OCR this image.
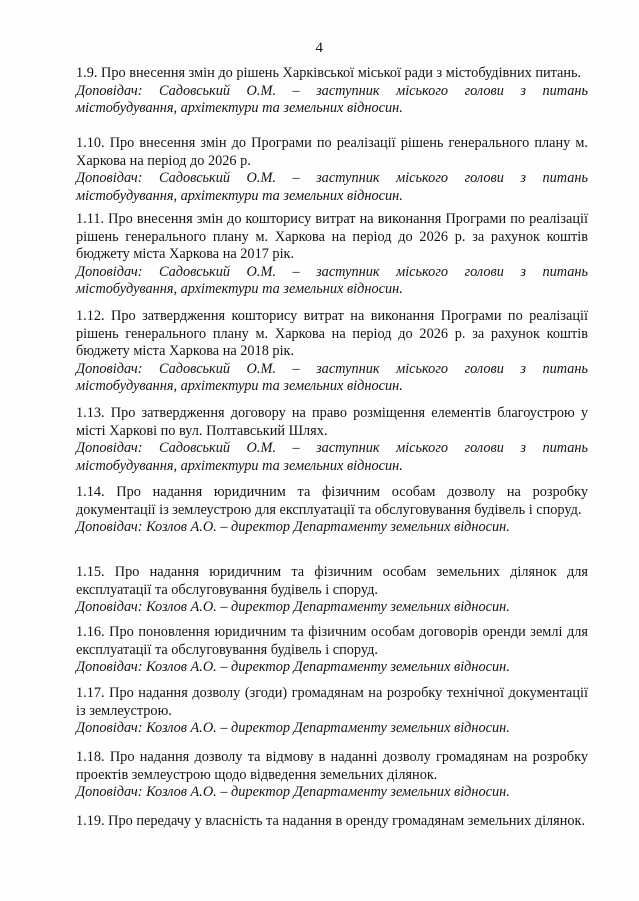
4

1.9. Про внесення змін до рішень Харківської міської ради з містобудівних питань.

Доповідач: Садовський О.М. – заступник міського голови з питань містобудування, архітектури та земельних відносин.

1.10. Про внесення змін до Програми по реалізації рішень генерального плану м. Харкова на період до 2026 р.

Доповідач: Садовський О.М. – заступник міського голови з питань містобудування, архітектури та земельних відносин.

1.11. Про внесення змін до кошторису витрат на виконання Програми по реалізації рішень генерального плану м. Харкова на період до 2026 р. за рахунок коштів бюджету міста Харкова на 2017 рік.

Доповідач: Садовський О.М. – заступник міського голови з питань містобудування, архітектури та земельних відносин.

1.12. Про затвердження кошторису витрат на виконання Програми по реалізації рішень генерального плану м. Харкова на період до 2026 р. за рахунок коштів бюджету міста Харкова на 2018 рік.

Доповідач: Садовський О.М. – заступник міського голови з питань містобудування, архітектури та земельних відносин.

1.13. Про затвердження договору на право розміщення елементів благоустрою у місті Харкові по вул. Полтавський Шлях.

Доповідач: Садовський О.М. – заступник міського голови з питань містобудування, архітектури та земельних відносин.

1.14. Про надання юридичним та фізичним особам дозволу на розробку документації із землеустрою для експлуатації та обслуговування будівель і споруд.

Доповідач: Козлов А.О. – директор Департаменту земельних відносин.

1.15. Про надання юридичним та фізичним особам земельних ділянок для експлуатації та обслуговування будівель і споруд.

Доповідач: Козлов А.О. – директор Департаменту земельних відносин.

1.16. Про поновлення юридичним та фізичним особам договорів оренди землі для експлуатації та обслуговування будівель і споруд.

Доповідач: Козлов А.О. – директор Департаменту земельних відносин.

1.17. Про надання дозволу (згоди) громадянам на розробку технічної документації із землеустрою.

Доповідач: Козлов А.О. – директор Департаменту земельних відносин.

1.18. Про надання дозволу та відмову в наданні дозволу громадянам на розробку проектів землеустрою щодо відведення земельних ділянок.

Доповідач: Козлов А.О. – директор Департаменту земельних відносин.

1.19. Про передачу у власність та надання в оренду громадянам земельних ділянок.
